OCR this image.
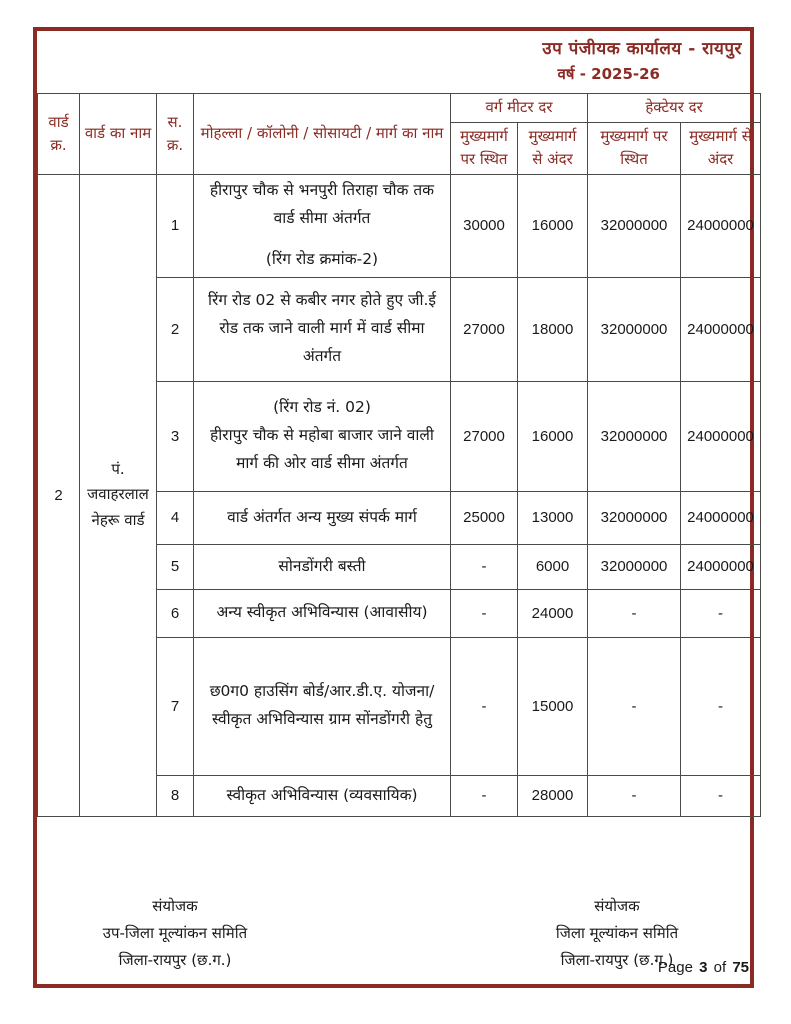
उप पंजीयक कार्यालय - रायपुर
वर्ष - 2025-26
वार्ड क्र.	वार्ड का नाम	स. क्र.	मोहल्ला / कॉलोनी / सोसायटी / मार्ग का नाम	वर्ग मीटर दर		हेक्टेयर दर	
				मुख्यमार्ग पर स्थित	मुख्यमार्ग से अंदर	मुख्यमार्ग पर स्थित	मुख्यमार्ग से अंदर
2	पं. जवाहरलाल नेहरू वार्ड	1	हीरापुर चौक से भनपुरी तिराहा चौक तक वार्ड सीमा अंतर्गत
(रिंग रोड क्रमांक-2)	30000	16000	32000000	24000000
		2	रिंग रोड 02 से कबीर नगर होते हुए जी.ई रोड तक जाने वाली मार्ग में वार्ड सीमा अंतर्गत	27000	18000	32000000	24000000
		3	(रिंग रोड नं. 02)
हीरापुर चौक से महोबा बाजार जाने वाली मार्ग की ओर वार्ड सीमा अंतर्गत	27000	16000	32000000	24000000
		4	वार्ड अंतर्गत अन्य मुख्य संपर्क मार्ग	25000	13000	32000000	24000000
		5	सोनडोंगरी बस्ती	-	6000	32000000	24000000
		6	अन्य स्वीकृत अभिविन्यास (आवासीय)	-	24000	-	-
		7	छ0ग0 हाउसिंग बोर्ड/आर.डी.ए. योजना/स्वीकृत अभिविन्यास ग्राम सोंनडोंगरी हेतु	-	15000	-	-
		8	स्वीकृत अभिविन्यास (व्यवसायिक)	-	28000	-	-
संयोजक
उप-जिला मूल्यांकन समिति
जिला-रायपुर (छ.ग.)
संयोजक
जिला मूल्यांकन समिति
जिला-रायपुर (छ.ग.)
Page 3 of 75
